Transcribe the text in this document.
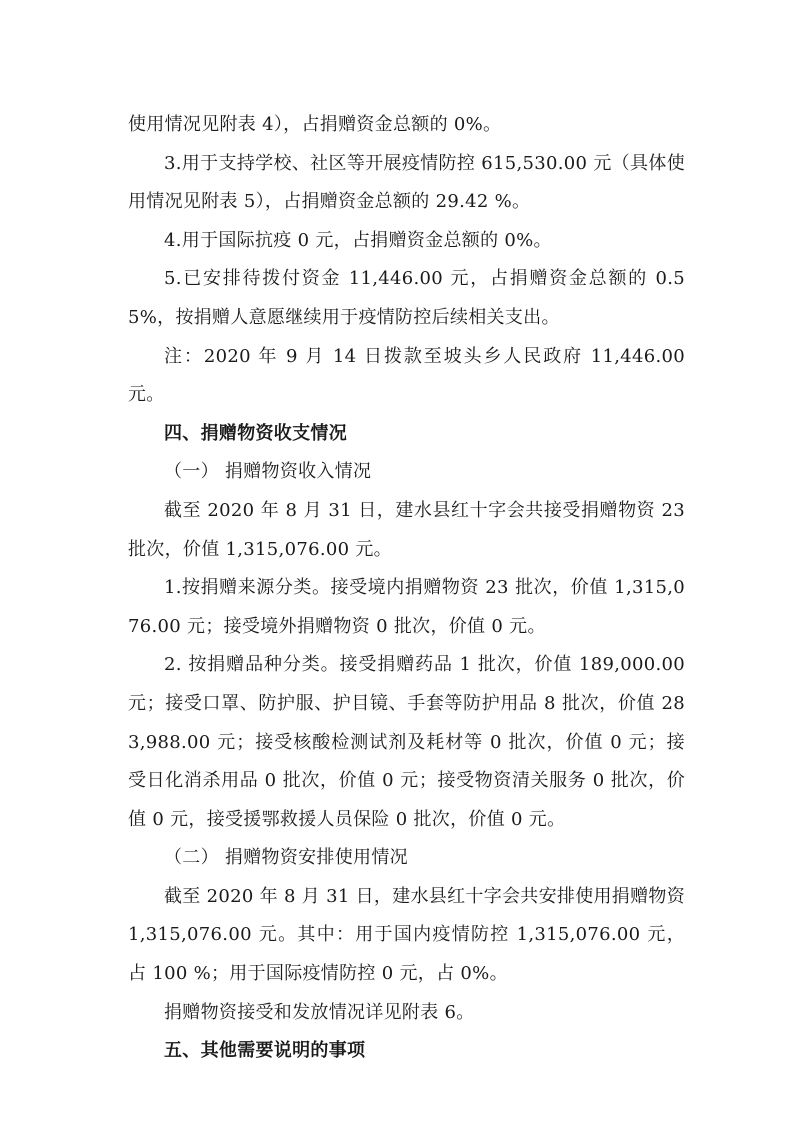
使用情况见附表 4），占捐赠资金总额的 0%。

3.用于支持学校、社区等开展疫情防控 615,530.00 元（具体使用情况见附表 5），占捐赠资金总额的 29.42 %。

4.用于国际抗疫 0 元，占捐赠资金总额的 0%。

5.已安排待拨付资金 11,446.00 元，占捐赠资金总额的 0.55%，按捐赠人意愿继续用于疫情防控后续相关支出。

注：2020 年 9 月 14 日拨款至坡头乡人民政府 11,446.00 元。

四、捐赠物资收支情况

（一） 捐赠物资收入情况

截至 2020 年 8 月 31 日，建水县红十字会共接受捐赠物资 23 批次，价值 1,315,076.00 元。

1.按捐赠来源分类。接受境内捐赠物资 23 批次，价值 1,315,076.00 元；接受境外捐赠物资 0 批次，价值 0 元。

2. 按捐赠品种分类。接受捐赠药品 1 批次，价值 189,000.00 元；接受口罩、防护服、护目镜、手套等防护用品 8 批次，价值 283,988.00 元；接受核酸检测试剂及耗材等 0 批次，价值 0 元；接受日化消杀用品 0 批次，价值 0 元；接受物资清关服务 0 批次，价值 0 元，接受援鄂救援人员保险 0 批次，价值 0 元。

（二） 捐赠物资安排使用情况

截至 2020 年 8 月 31 日，建水县红十字会共安排使用捐赠物资 1,315,076.00 元。其中：用于国内疫情防控 1,315,076.00 元，占 100 %；用于国际疫情防控 0 元，占 0%。

捐赠物资接受和发放情况详见附表 6。

五、其他需要说明的事项
